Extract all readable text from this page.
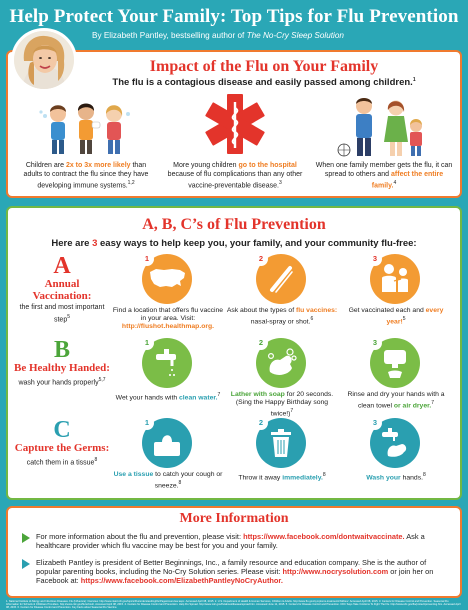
Help Protect Your Family: Top Tips for Flu Prevention
By Elizabeth Pantley, bestselling author of The No-Cry Sleep Solution
Impact of the Flu on Your Family
The flu is a contagious disease and easily passed among children.$^1$
Children are 2x to 3x more likely than adults to contract the flu since they have developing immune systems.$^{1,2}$
More young children go to the hospital because of flu complications than any other vaccine-preventable disease.$^3$
When one family member gets the flu, it can spread to others and affect the entire family.$^4$
A, B, C’s of Flu Prevention
Here are 3 easy ways to help keep you, your family, and your community flu-free:
A
Annual Vaccination:
the first and most important step$^5$
1
Find a location that offers flu vaccine in your area. Visit: http://flushot.healthmap.org.
2
Ask about the types of flu vaccines: nasal-spray or shot.$^6$
3
Get vaccinated each and every year!$^5$
B
Be Healthy Handed:
wash your hands properly$^{5,7}$
1
Wet your hands with clean water.$^7$
2
Lather with soap for 20 seconds. (Sing the Happy Birthday song twice!)$^7$
3
Rinse and dry your hands with a clean towel or air dryer.$^7$
C
Capture the Germs:
catch them in a tissue$^8$
1
Use a tissue to catch your cough or sneeze.$^8$
2
Throw it away immediately.$^8$
3
Wash your hands.$^8$
More Information
For more information about the flu and prevention, please visit: https://www.facebook.com/dontwaitvaccinate. Ask a healthcare provider which flu vaccine may be best for you and your family.
Elizabeth Pantley is president of Better Beginnings, Inc., a family resource and education company. She is the author of popular parenting books, including the No-Cry Solution series. Please visit: http://www.nocrysolution.com or join her on Facebook at: https://www.facebook.com/ElizabethPantleyNoCryAuthor.
1. National Institute of Allergy and Infectious Diseases. Flu (Influenza): Overview. http://www.niaid.nih.gov/topics/Flu/understandingFlu/Pages/overview.aspx. Accessed April 08, 2015. 2. U.S. Department of Health & Human Services, Children & Adults. http://www.flu.gov/symptoms-treatment/children/. Accessed April 08, 2015. 3. Centers for Disease Control and Prevention. Seasonal Flu Information for Schools & Childcare Providers. http://www.cdc.gov/flu/school/. Accessed April 08, 2015. 4. Centers for Disease Control and Prevention. Help Flu Spread. http://www.cdc.gov/flu/about/disease/spread.htm. Accessed June 11, 2015. 5. Centers for Disease Control and Prevention. CDC Says Take 3 Actions To Fight The Flu. http://www.cdc.gov/flu/protect/preventing.htm. Accessed April 08, 2015. 6. Centers for Disease Control and Prevention. Key Facts about Seasonal Flu Vaccine.
